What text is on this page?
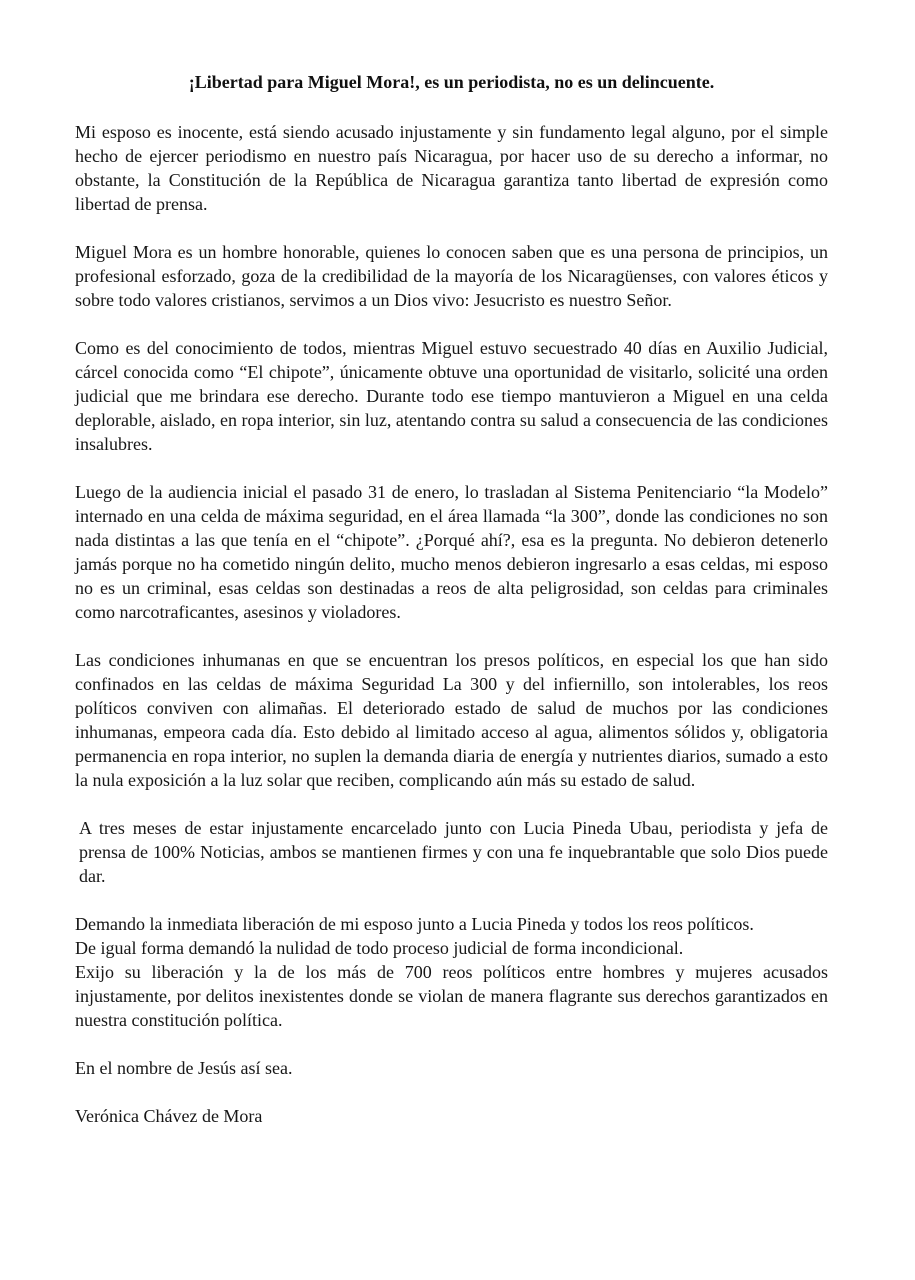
¡Libertad para Miguel Mora!, es un periodista, no es un delincuente.

Mi esposo es inocente, está siendo acusado injustamente y sin fundamento legal alguno, por el simple hecho de ejercer periodismo en nuestro país Nicaragua, por hacer uso de su derecho a informar, no obstante, la Constitución de la República de Nicaragua garantiza tanto libertad de expresión como libertad de prensa.

Miguel Mora es un hombre honorable, quienes lo conocen saben que es una persona de principios, un profesional esforzado, goza de la credibilidad de la mayoría de los Nicaragüenses, con valores éticos y sobre todo valores cristianos, servimos a un Dios vivo: Jesucristo es nuestro Señor.

Como es del conocimiento de todos, mientras Miguel estuvo secuestrado 40 días en Auxilio Judicial, cárcel conocida como “El chipote”, únicamente obtuve una oportunidad de visitarlo, solicité una orden judicial que me brindara ese derecho. Durante todo ese tiempo mantuvieron a Miguel en una celda deplorable, aislado, en ropa interior, sin luz, atentando contra su salud a consecuencia de las condiciones insalubres.

Luego de la audiencia inicial el pasado 31 de enero, lo trasladan al Sistema Penitenciario “la Modelo” internado en una celda de máxima seguridad, en el área llamada “la 300”, donde las condiciones no son nada distintas a las que tenía en el “chipote”. ¿Porqué ahí?, esa es la pregunta. No debieron detenerlo jamás porque no ha cometido ningún delito, mucho menos debieron ingresarlo a esas celdas, mi esposo no es un criminal, esas celdas son destinadas a reos de alta peligrosidad, son celdas para criminales como narcotraficantes, asesinos y violadores.

Las condiciones inhumanas en que se encuentran los presos políticos, en especial los que han sido confinados en las celdas de máxima Seguridad La 300 y del infiernillo, son intolerables, los reos políticos conviven con alimañas. El deteriorado estado de salud de muchos por las condiciones inhumanas, empeora cada día. Esto debido al limitado acceso al agua, alimentos sólidos y, obligatoria permanencia en ropa interior, no suplen la demanda diaria de energía y nutrientes diarios, sumado a esto la nula exposición a la luz solar que reciben, complicando aún más su estado de salud.

A tres meses de estar injustamente encarcelado junto con Lucia Pineda Ubau, periodista y jefa de prensa de 100% Noticias, ambos se mantienen firmes y con una fe inquebrantable que solo Dios puede dar.

Demando la inmediata liberación de mi esposo junto a Lucia Pineda y todos los reos políticos.
De igual forma demandó la nulidad de todo proceso judicial de forma incondicional.
Exijo su liberación y la de los más de 700 reos políticos entre hombres y mujeres acusados injustamente, por delitos inexistentes donde se violan de manera flagrante sus derechos garantizados en nuestra constitución política.

En el nombre de Jesús así sea.

Verónica Chávez de Mora
